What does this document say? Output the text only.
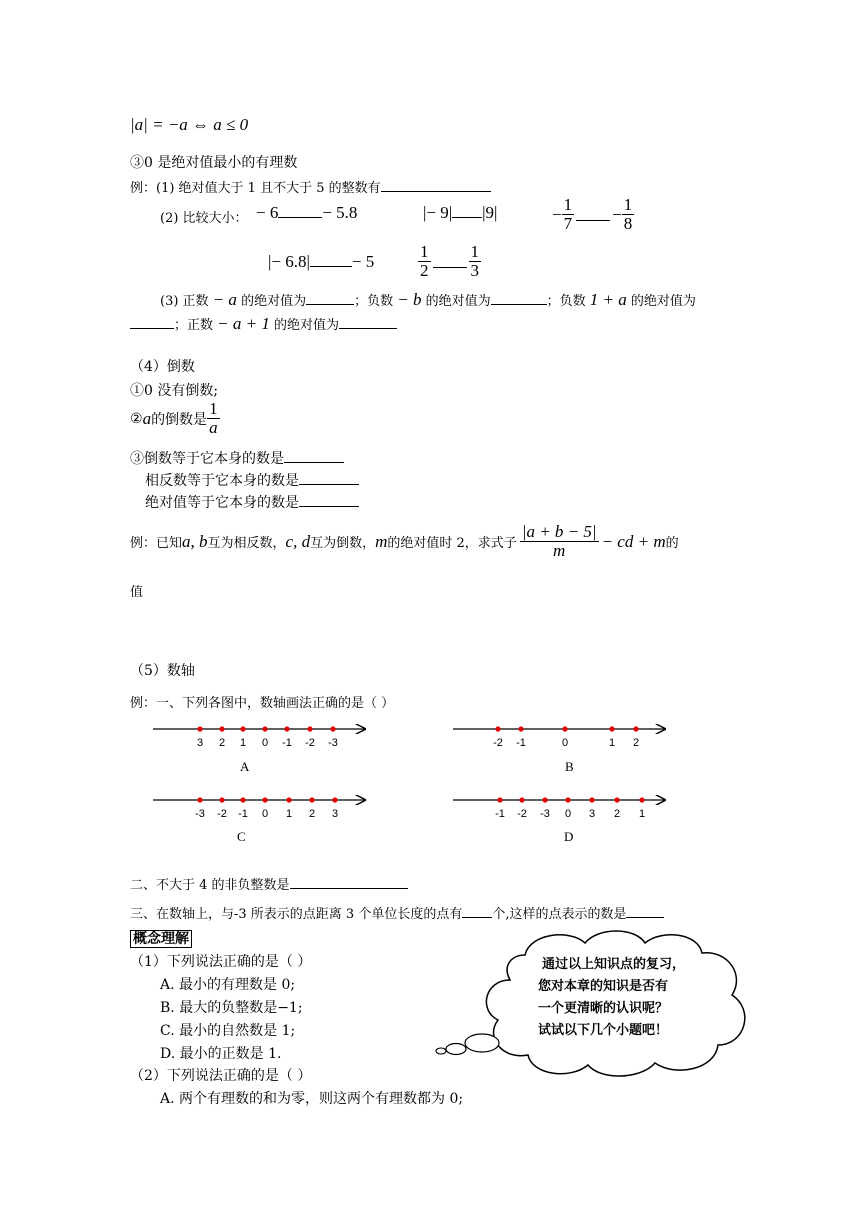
|a| = −a ⇔ a ≤ 0
③0 是绝对值最小的有理数
例：(1) 绝对值大于 1 且不大于 5 的整数有
(2) 比较大小： − 6	− 5.8	|− 9| |9|	− $\frac{1}{7} - \frac{1}{8}$
|− 6.8| − 5	$\frac{1}{2} \frac{1}{3}$
(3) 正数 − a 的绝对值为	；负数 − b 的绝对值为	；负数 1 + a 的绝对值为
；正数 − a + 1 的绝对值为
（4）倒数
①0 没有倒数;
② a 的倒数是 $\frac{1}{a}$
③倒数等于它本身的数是
相反数等于它本身的数是
绝对值等于它本身的数是
例：已知 a, b 互为相反数， c, d 互为倒数， m 的绝对值时 2，求式子 $\frac{|a + b - 5|}{m}$ − cd + m 的
值
（5）数轴
例：一、下列各图中，数轴画法正确的是（ ）
3 2 1 0 -1 -2 -3	-2 -1	0	1 2
-3 -2 -1 0 1 2 3	-1 -2 -3 0 3 2 1
A	B
C	D
二、不大于 4 的非负整数是
三、在数轴上，与-3 所表示的点距离 3 个单位长度的点有 个,这样的点表示的数是
概念理解
（1）下列说法正确的是（ ）
A. 最小的有理数是 0;
B. 最大的负整数是−1;
C. 最小的自然数是 1;
D. 最小的正数是 1.
（2）下列说法正确的是（ ）
A. 两个有理数的和为零，则这两个有理数都为 0;
通过以上知识点的复习，
您对本章的知识是否有
一个更清晰的认识呢？
试试以下几个小题吧！
